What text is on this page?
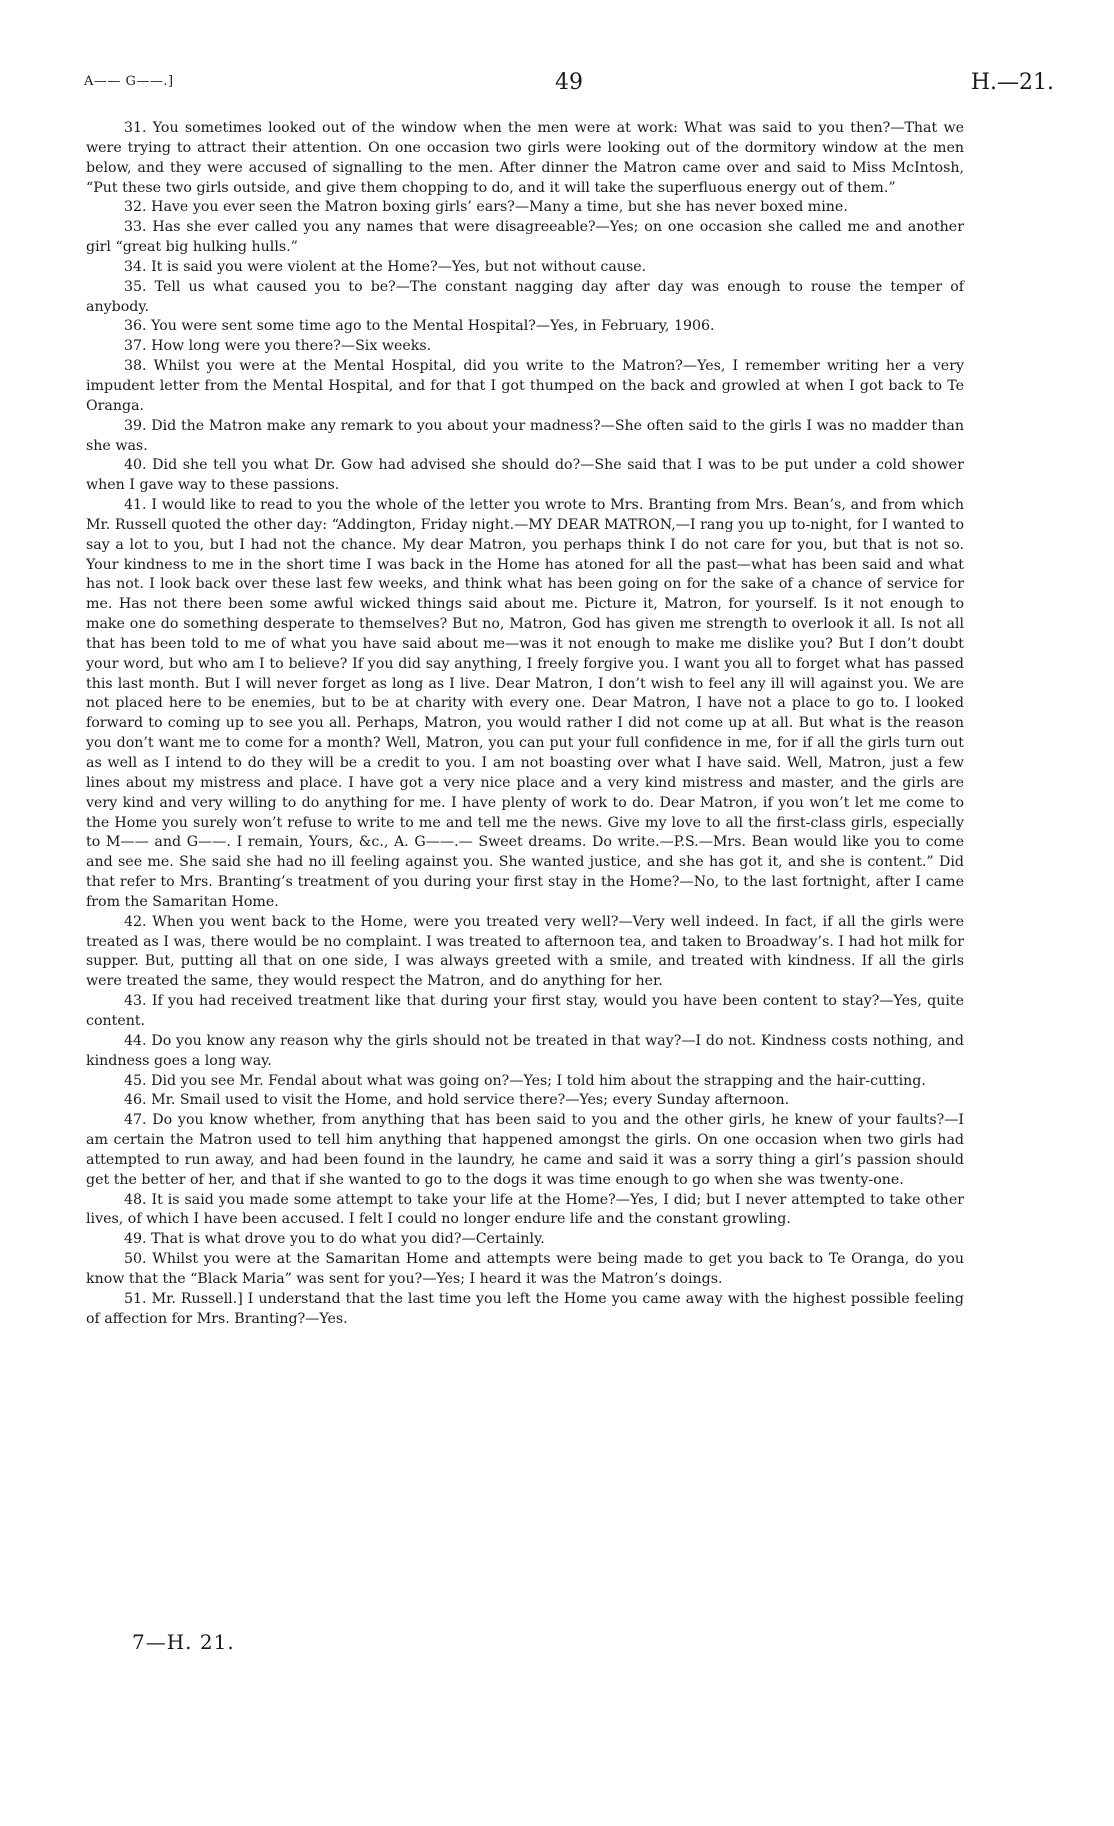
A—— G——.]	49	H.—21.

31. You sometimes looked out of the window when the men were at work: What was said to you then?—That we were trying to attract their attention. On one occasion two girls were looking out of the dormitory window at the men below, and they were accused of signalling to the men. After dinner the Matron came over and said to Miss McIntosh, “Put these two girls outside, and give them chopping to do, and it will take the superfluous energy out of them.”

32. Have you ever seen the Matron boxing girls’ ears?—Many a time, but she has never boxed mine.

33. Has she ever called you any names that were disagreeable?—Yes; on one occasion she called me and another girl “great big hulking hulls.”

34. It is said you were violent at the Home?—Yes, but not without cause.

35. Tell us what caused you to be?—The constant nagging day after day was enough to rouse the temper of anybody.

36. You were sent some time ago to the Mental Hospital?—Yes, in February, 1906.

37. How long were you there?—Six weeks.

38. Whilst you were at the Mental Hospital, did you write to the Matron?—Yes, I remember writing her a very impudent letter from the Mental Hospital, and for that I got thumped on the back and growled at when I got back to Te Oranga.

39. Did the Matron make any remark to you about your madness?—She often said to the girls I was no madder than she was.

40. Did she tell you what Dr. Gow had advised she should do?—She said that I was to be put under a cold shower when I gave way to these passions.

41. I would like to read to you the whole of the letter you wrote to Mrs. Branting from Mrs. Bean’s, and from which Mr. Russell quoted the other day: “Addington, Friday night.—MY DEAR MATRON,—I rang you up to-night, for I wanted to say a lot to you, but I had not the chance. My dear Matron, you perhaps think I do not care for you, but that is not so. Your kindness to me in the short time I was back in the Home has atoned for all the past—what has been said and what has not. I look back over these last few weeks, and think what has been going on for the sake of a chance of service for me. Has not there been some awful wicked things said about me. Picture it, Matron, for yourself. Is it not enough to make one do something desperate to themselves? But no, Matron, God has given me strength to overlook it all. Is not all that has been told to me of what you have said about me—was it not enough to make me dislike you? But I don’t doubt your word, but who am I to believe? If you did say anything, I freely forgive you. I want you all to forget what has passed this last month. But I will never forget as long as I live. Dear Matron, I don’t wish to feel any ill will against you. We are not placed here to be enemies, but to be at charity with every one. Dear Matron, I have not a place to go to. I looked forward to coming up to see you all. Perhaps, Matron, you would rather I did not come up at all. But what is the reason you don’t want me to come for a month? Well, Matron, you can put your full confidence in me, for if all the girls turn out as well as I intend to do they will be a credit to you. I am not boasting over what I have said. Well, Matron, just a few lines about my mistress and place. I have got a very nice place and a very kind mistress and master, and the girls are very kind and very willing to do anything for me. I have plenty of work to do. Dear Matron, if you won’t let me come to the Home you surely won’t refuse to write to me and tell me the news. Give my love to all the first-class girls, especially to M—— and G——. I remain, Yours, &c., A. G——.— Sweet dreams. Do write.—P.S.—Mrs. Bean would like you to come and see me. She said she had no ill feeling against you. She wanted justice, and she has got it, and she is content.” Did that refer to Mrs. Branting’s treatment of you during your first stay in the Home?—No, to the last fortnight, after I came from the Samaritan Home.

42. When you went back to the Home, were you treated very well?—Very well indeed. In fact, if all the girls were treated as I was, there would be no complaint. I was treated to afternoon tea, and taken to Broadway’s. I had hot milk for supper. But, putting all that on one side, I was always greeted with a smile, and treated with kindness. If all the girls were treated the same, they would respect the Matron, and do anything for her.

43. If you had received treatment like that during your first stay, would you have been content to stay?—Yes, quite content.

44. Do you know any reason why the girls should not be treated in that way?—I do not. Kindness costs nothing, and kindness goes a long way.

45. Did you see Mr. Fendal about what was going on?—Yes; I told him about the strapping and the hair-cutting.

46. Mr. Smail used to visit the Home, and hold service there?—Yes; every Sunday afternoon.

47. Do you know whether, from anything that has been said to you and the other girls, he knew of your faults?—I am certain the Matron used to tell him anything that happened amongst the girls. On one occasion when two girls had attempted to run away, and had been found in the laundry, he came and said it was a sorry thing a girl’s passion should get the better of her, and that if she wanted to go to the dogs it was time enough to go when she was twenty-one.

48. It is said you made some attempt to take your life at the Home?—Yes, I did; but I never attempted to take other lives, of which I have been accused. I felt I could no longer endure life and the constant growling.

49. That is what drove you to do what you did?—Certainly.

50. Whilst you were at the Samaritan Home and attempts were being made to get you back to Te Oranga, do you know that the “Black Maria” was sent for you?—Yes; I heard it was the Matron’s doings.

51. Mr. Russell.] I understand that the last time you left the Home you came away with the highest possible feeling of affection for Mrs. Branting?—Yes.

7—H. 21.
